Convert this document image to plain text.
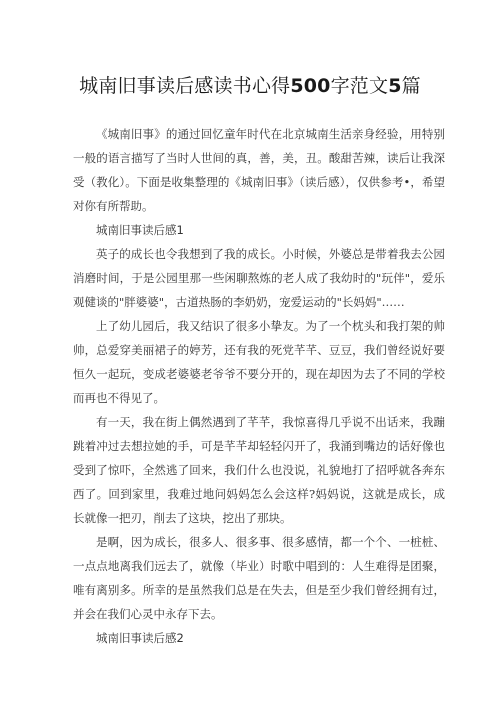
城南旧事读后感读书心得500字范文5篇

《城南旧事》的通过回忆童年时代在北京城南生活亲身经验，用特别一般的语言描写了当时人世间的真，善，美，丑。酸甜苦辣，读后让我深受（教化）。下面是收集整理的《城南旧事》（读后感），仅供参考•，希望对你有所帮助。

城南旧事读后感1

英子的成长也令我想到了我的成长。小时候，外婆总是带着我去公园消磨时间，于是公园里那一些闲聊熬炼的老人成了我幼时的"玩伴"，爱乐观健谈的"胖婆婆"，古道热肠的李奶奶，宠爱运动的"长妈妈"……

上了幼儿园后，我又结识了很多小挚友。为了一个枕头和我打架的帅帅，总爱穿美丽裙子的婷芳，还有我的死党芊芊、豆豆，我们曾经说好要恒久一起玩，变成老婆婆老爷爷不要分开的，现在却因为去了不同的学校而再也不得见了。

有一天，我在街上偶然遇到了芊芊，我惊喜得几乎说不出话来，我蹦跳着冲过去想拉她的手，可是芊芊却轻轻闪开了，我涌到嘴边的话好像也受到了惊吓，全然逃了回来，我们什么也没说，礼貌地打了招呼就各奔东西了。回到家里，我难过地问妈妈怎么会这样?妈妈说，这就是成长，成长就像一把刃，削去了这块，挖出了那块。

是啊，因为成长，很多人、很多事、很多感情，都一个个、一桩桩、一点点地离我们远去了，就像（毕业）时歌中唱到的：人生难得是团聚，唯有离别多。所幸的是虽然我们总是在失去，但是至少我们曾经拥有过，并会在我们心灵中永存下去。

城南旧事读后感2
